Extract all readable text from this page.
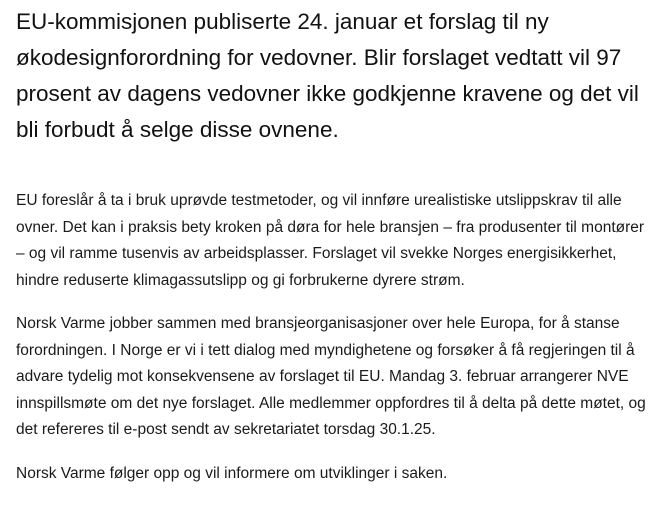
EU-kommisjonen publiserte 24. januar et forslag til ny økodesignforordning for vedovner. Blir forslaget vedtatt vil 97 prosent av dagens vedovner ikke godkjenne kravene og det vil bli forbudt å selge disse ovnene.

EU foreslår å ta i bruk uprøvde testmetoder, og vil innføre urealistiske utslippskrav til alle ovner. Det kan i praksis bety kroken på døra for hele bransjen – fra produsenter til montører – og vil ramme tusenvis av arbeidsplasser. Forslaget vil svekke Norges energisikkerhet, hindre reduserte klimagassutslipp og gi forbrukerne dyrere strøm.

Norsk Varme jobber sammen med bransjeorganisasjoner over hele Europa, for å stanse forordningen. I Norge er vi i tett dialog med myndighetene og forsøker å få regjeringen til å advare tydelig mot konsekvensene av forslaget til EU. Mandag 3. februar arrangerer NVE innspillsmøte om det nye forslaget. Alle medlemmer oppfordres til å delta på dette møtet, og det refereres til e-post sendt av sekretariatet torsdag 30.1.25.

Norsk Varme følger opp og vil informere om utviklinger i saken.
